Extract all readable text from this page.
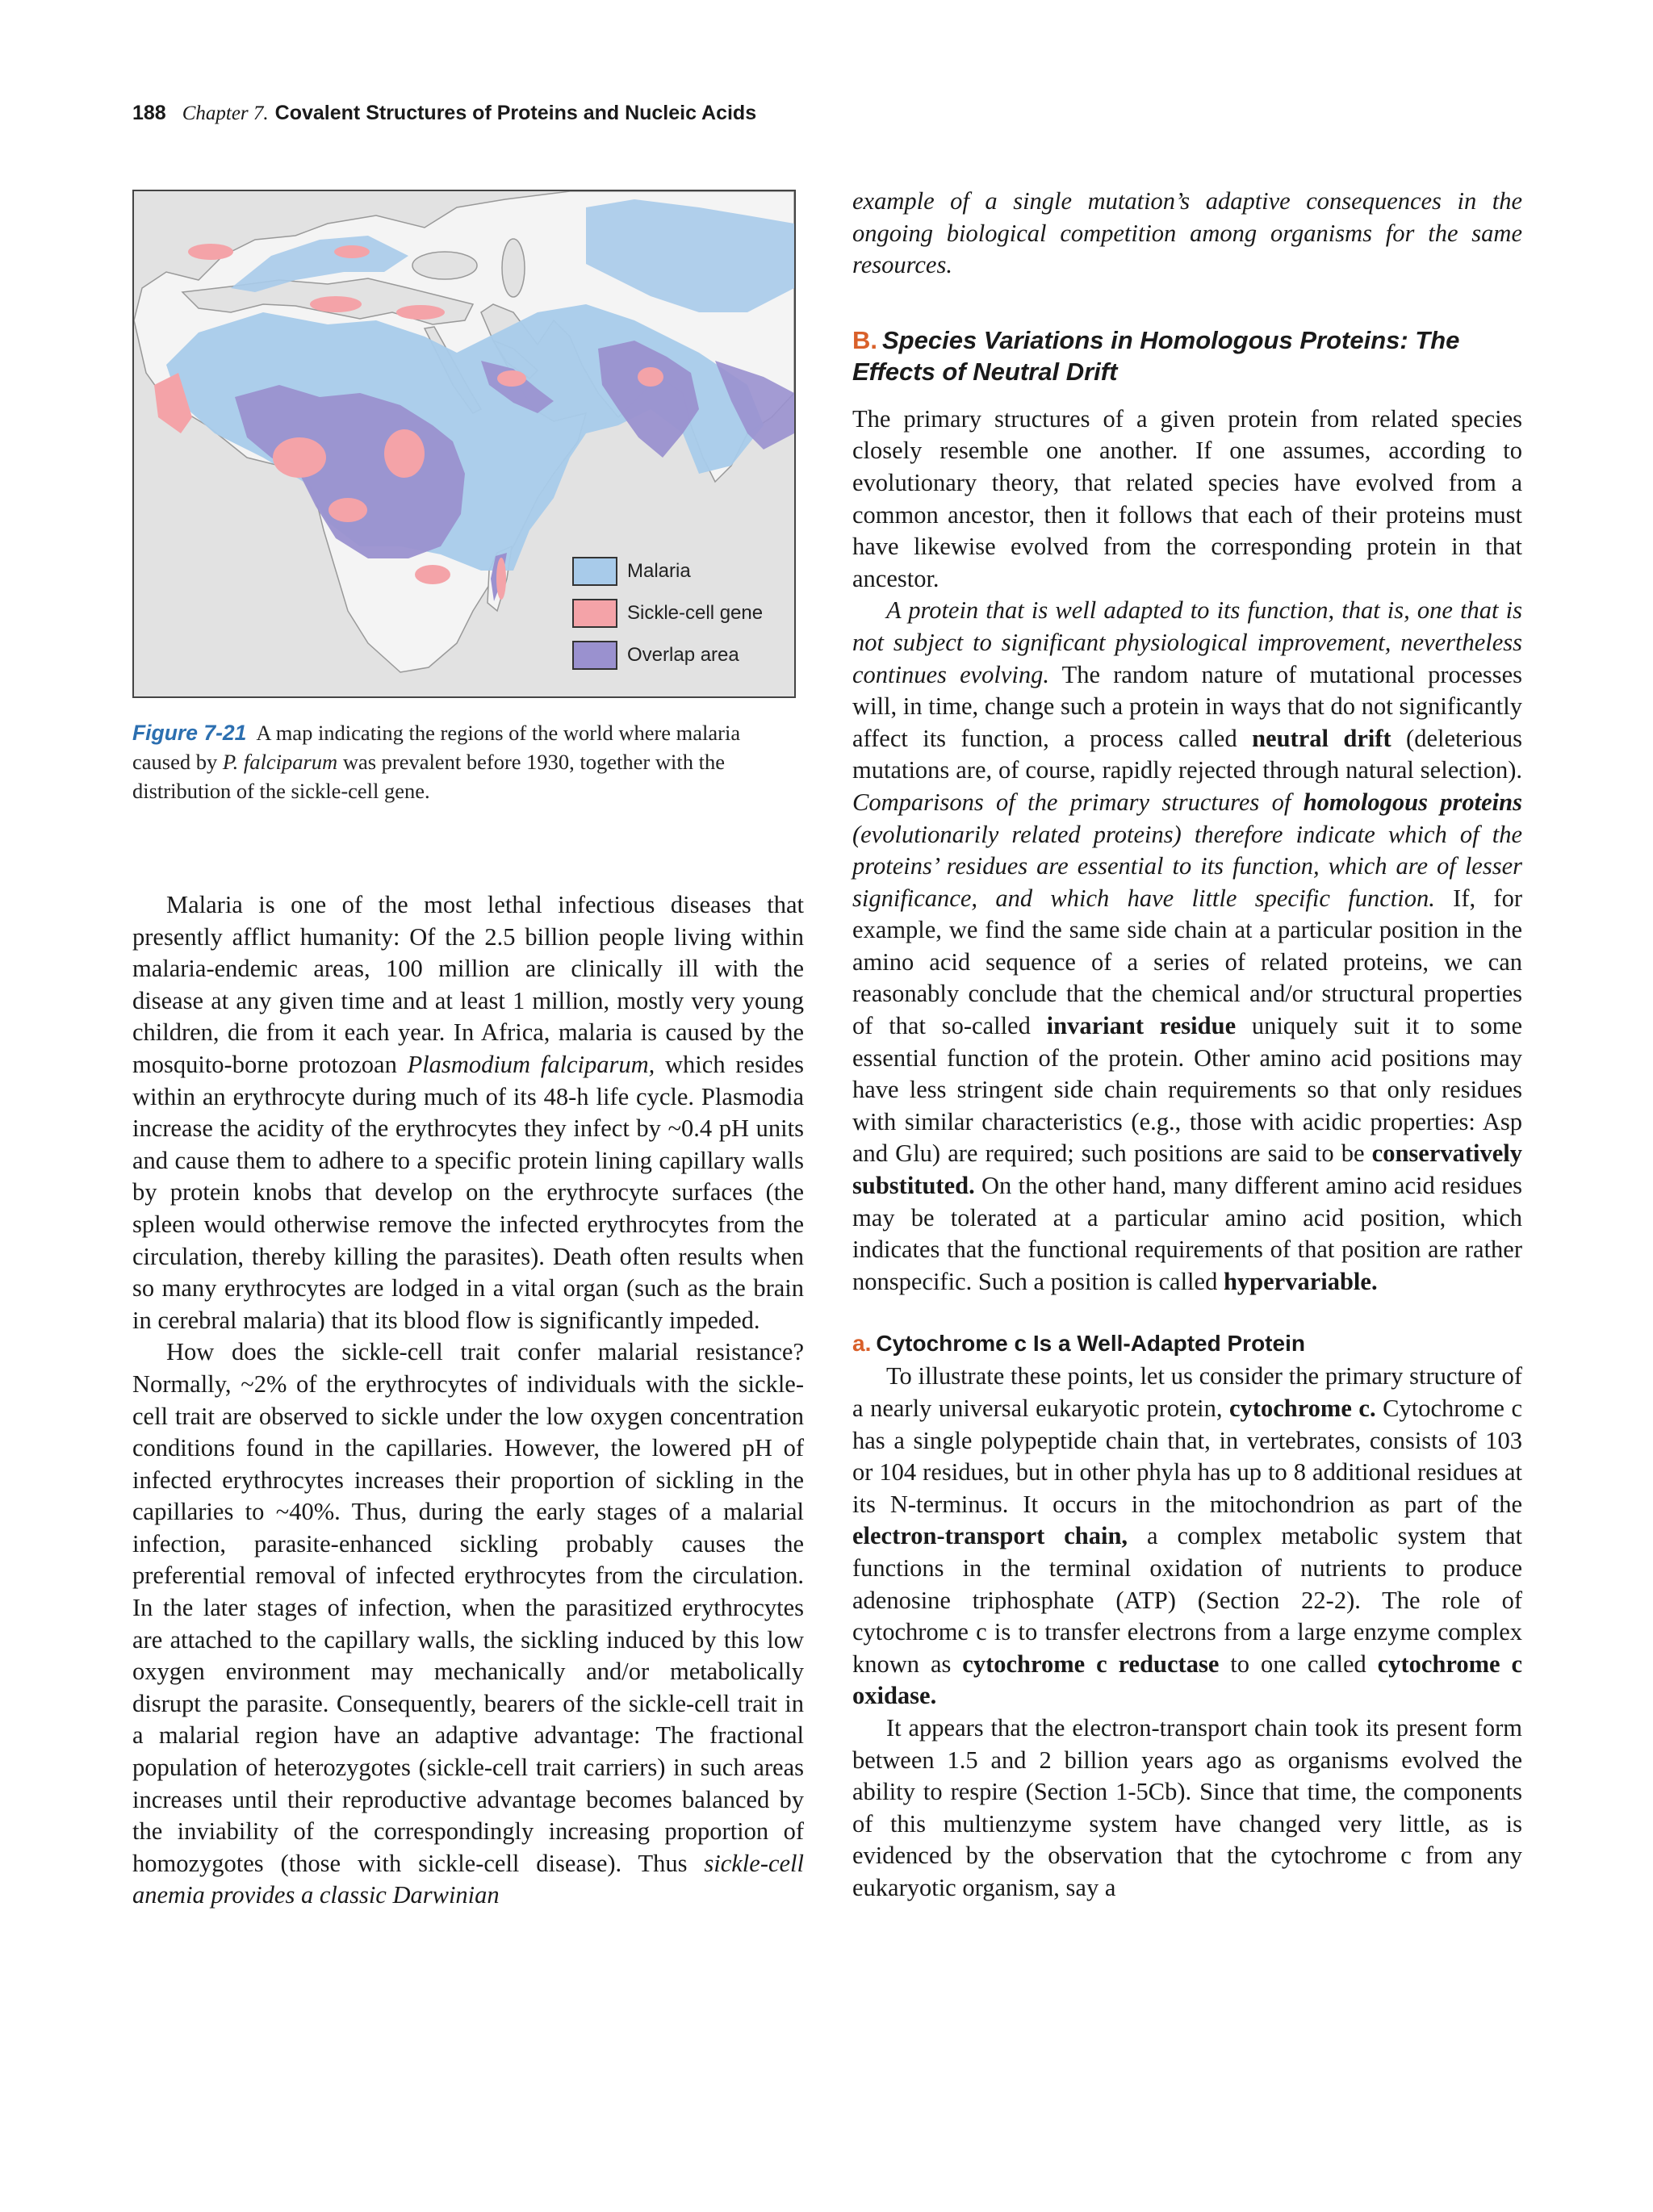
188 Chapter 7. Covalent Structures of Proteins and Nucleic Acids
Malaria
Sickle-cell gene
Overlap area
Figure 7-21 A map indicating the regions of the world where malaria caused by P. falciparum was prevalent before 1930, together with the distribution of the sickle-cell gene.

Malaria is one of the most lethal infectious diseases that presently afflict humanity: Of the 2.5 billion people living within malaria-endemic areas, 100 million are clinically ill with the disease at any given time and at least 1 million, mostly very young children, die from it each year. In Africa, malaria is caused by the mosquito-borne protozoan Plasmodium falciparum, which resides within an erythrocyte during much of its 48-h life cycle. Plasmodia increase the acidity of the erythrocytes they infect by ~0.4 pH units and cause them to adhere to a specific protein lining capillary walls by protein knobs that develop on the erythrocyte surfaces (the spleen would otherwise remove the infected erythrocytes from the circulation, thereby killing the parasites). Death often results when so many erythrocytes are lodged in a vital organ (such as the brain in cerebral malaria) that its blood flow is significantly impeded.

How does the sickle-cell trait confer malarial resistance? Normally, ~2% of the erythrocytes of individuals with the sickle-cell trait are observed to sickle under the low oxygen concentration conditions found in the capillaries. However, the lowered pH of infected erythrocytes increases their proportion of sickling in the capillaries to ~40%. Thus, during the early stages of a malarial infection, parasite-enhanced sickling probably causes the preferential removal of infected erythrocytes from the circulation. In the later stages of infection, when the parasitized erythrocytes are attached to the capillary walls, the sickling induced by this low oxygen environment may mechanically and/or metabolically disrupt the parasite. Consequently, bearers of the sickle-cell trait in a malarial region have an adaptive advantage: The fractional population of heterozygotes (sickle-cell trait carriers) in such areas increases until their reproductive advantage becomes balanced by the inviability of the correspondingly increasing proportion of homozygotes (those with sickle-cell disease). Thus sickle-cell anemia provides a classic Darwinian

example of a single mutation’s adaptive consequences in the ongoing biological competition among organisms for the same resources.

B. Species Variations in Homologous Proteins: The Effects of Neutral Drift

The primary structures of a given protein from related species closely resemble one another. If one assumes, according to evolutionary theory, that related species have evolved from a common ancestor, then it follows that each of their proteins must have likewise evolved from the corresponding protein in that ancestor.

A protein that is well adapted to its function, that is, one that is not subject to significant physiological improvement, nevertheless continues evolving. The random nature of mutational processes will, in time, change such a protein in ways that do not significantly affect its function, a process called neutral drift (deleterious mutations are, of course, rapidly rejected through natural selection). Comparisons of the primary structures of homologous proteins (evolutionarily related proteins) therefore indicate which of the proteins’ residues are essential to its function, which are of lesser significance, and which have little specific function. If, for example, we find the same side chain at a particular position in the amino acid sequence of a series of related proteins, we can reasonably conclude that the chemical and/or structural properties of that so-called invariant residue uniquely suit it to some essential function of the protein. Other amino acid positions may have less stringent side chain requirements so that only residues with similar characteristics (e.g., those with acidic properties: Asp and Glu) are required; such positions are said to be conservatively substituted. On the other hand, many different amino acid residues may be tolerated at a particular amino acid position, which indicates that the functional requirements of that position are rather nonspecific. Such a position is called hypervariable.

a. Cytochrome c Is a Well-Adapted Protein

To illustrate these points, let us consider the primary structure of a nearly universal eukaryotic protein, cytochrome c. Cytochrome c has a single polypeptide chain that, in vertebrates, consists of 103 or 104 residues, but in other phyla has up to 8 additional residues at its N-terminus. It occurs in the mitochondrion as part of the electron-transport chain, a complex metabolic system that functions in the terminal oxidation of nutrients to produce adenosine triphosphate (ATP) (Section 22-2). The role of cytochrome c is to transfer electrons from a large enzyme complex known as cytochrome c reductase to one called cytochrome c oxidase.

It appears that the electron-transport chain took its present form between 1.5 and 2 billion years ago as organisms evolved the ability to respire (Section 1-5Cb). Since that time, the components of this multienzyme system have changed very little, as is evidenced by the observation that the cytochrome c from any eukaryotic organism, say a
